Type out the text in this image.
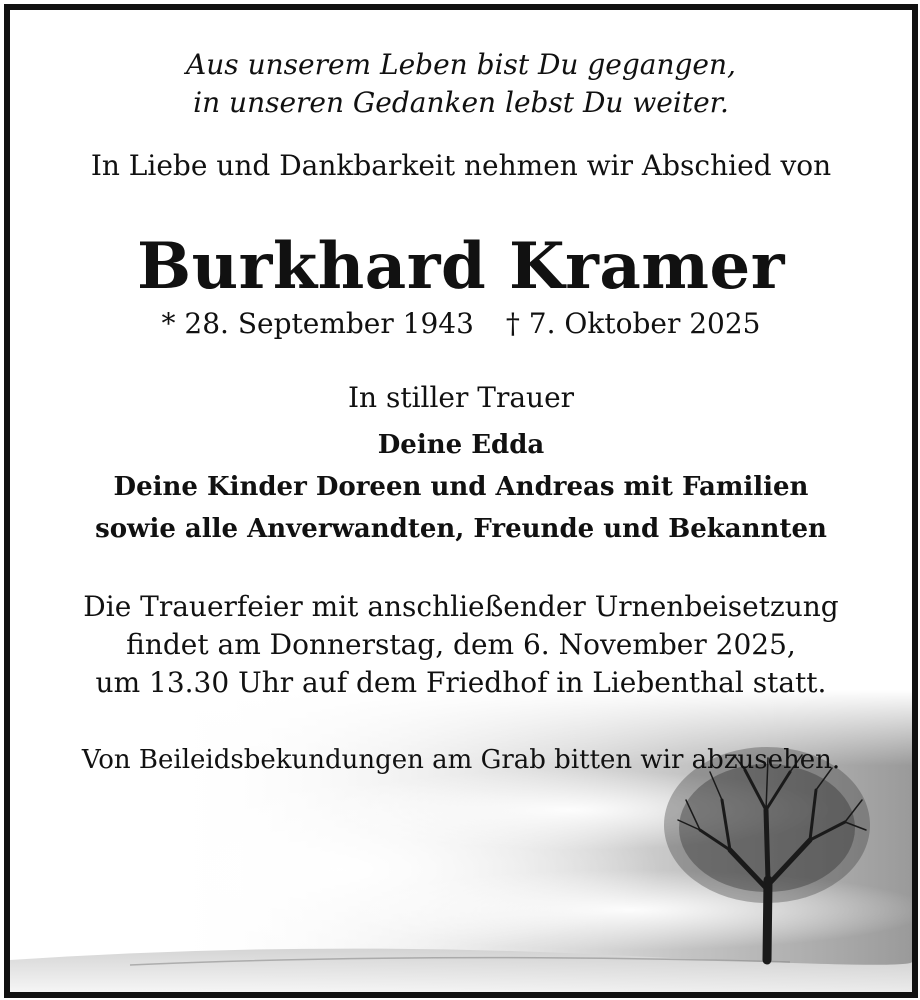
Aus unserem Leben bist Du gegangen,
in unseren Gedanken lebst Du weiter.
In Liebe und Dankbarkeit nehmen wir Abschied von
Burkhard Kramer
* 28. September 1943 † 7. Oktober 2025
In stiller Trauer
Deine Edda
Deine Kinder Doreen und Andreas mit Familien
sowie alle Anverwandten, Freunde und Bekannten
Die Trauerfeier mit anschließender Urnenbeisetzung
findet am Donnerstag, dem 6. November 2025,
um 13.30 Uhr auf dem Friedhof in Liebenthal statt.
Von Beileidsbekundungen am Grab bitten wir abzusehen.
